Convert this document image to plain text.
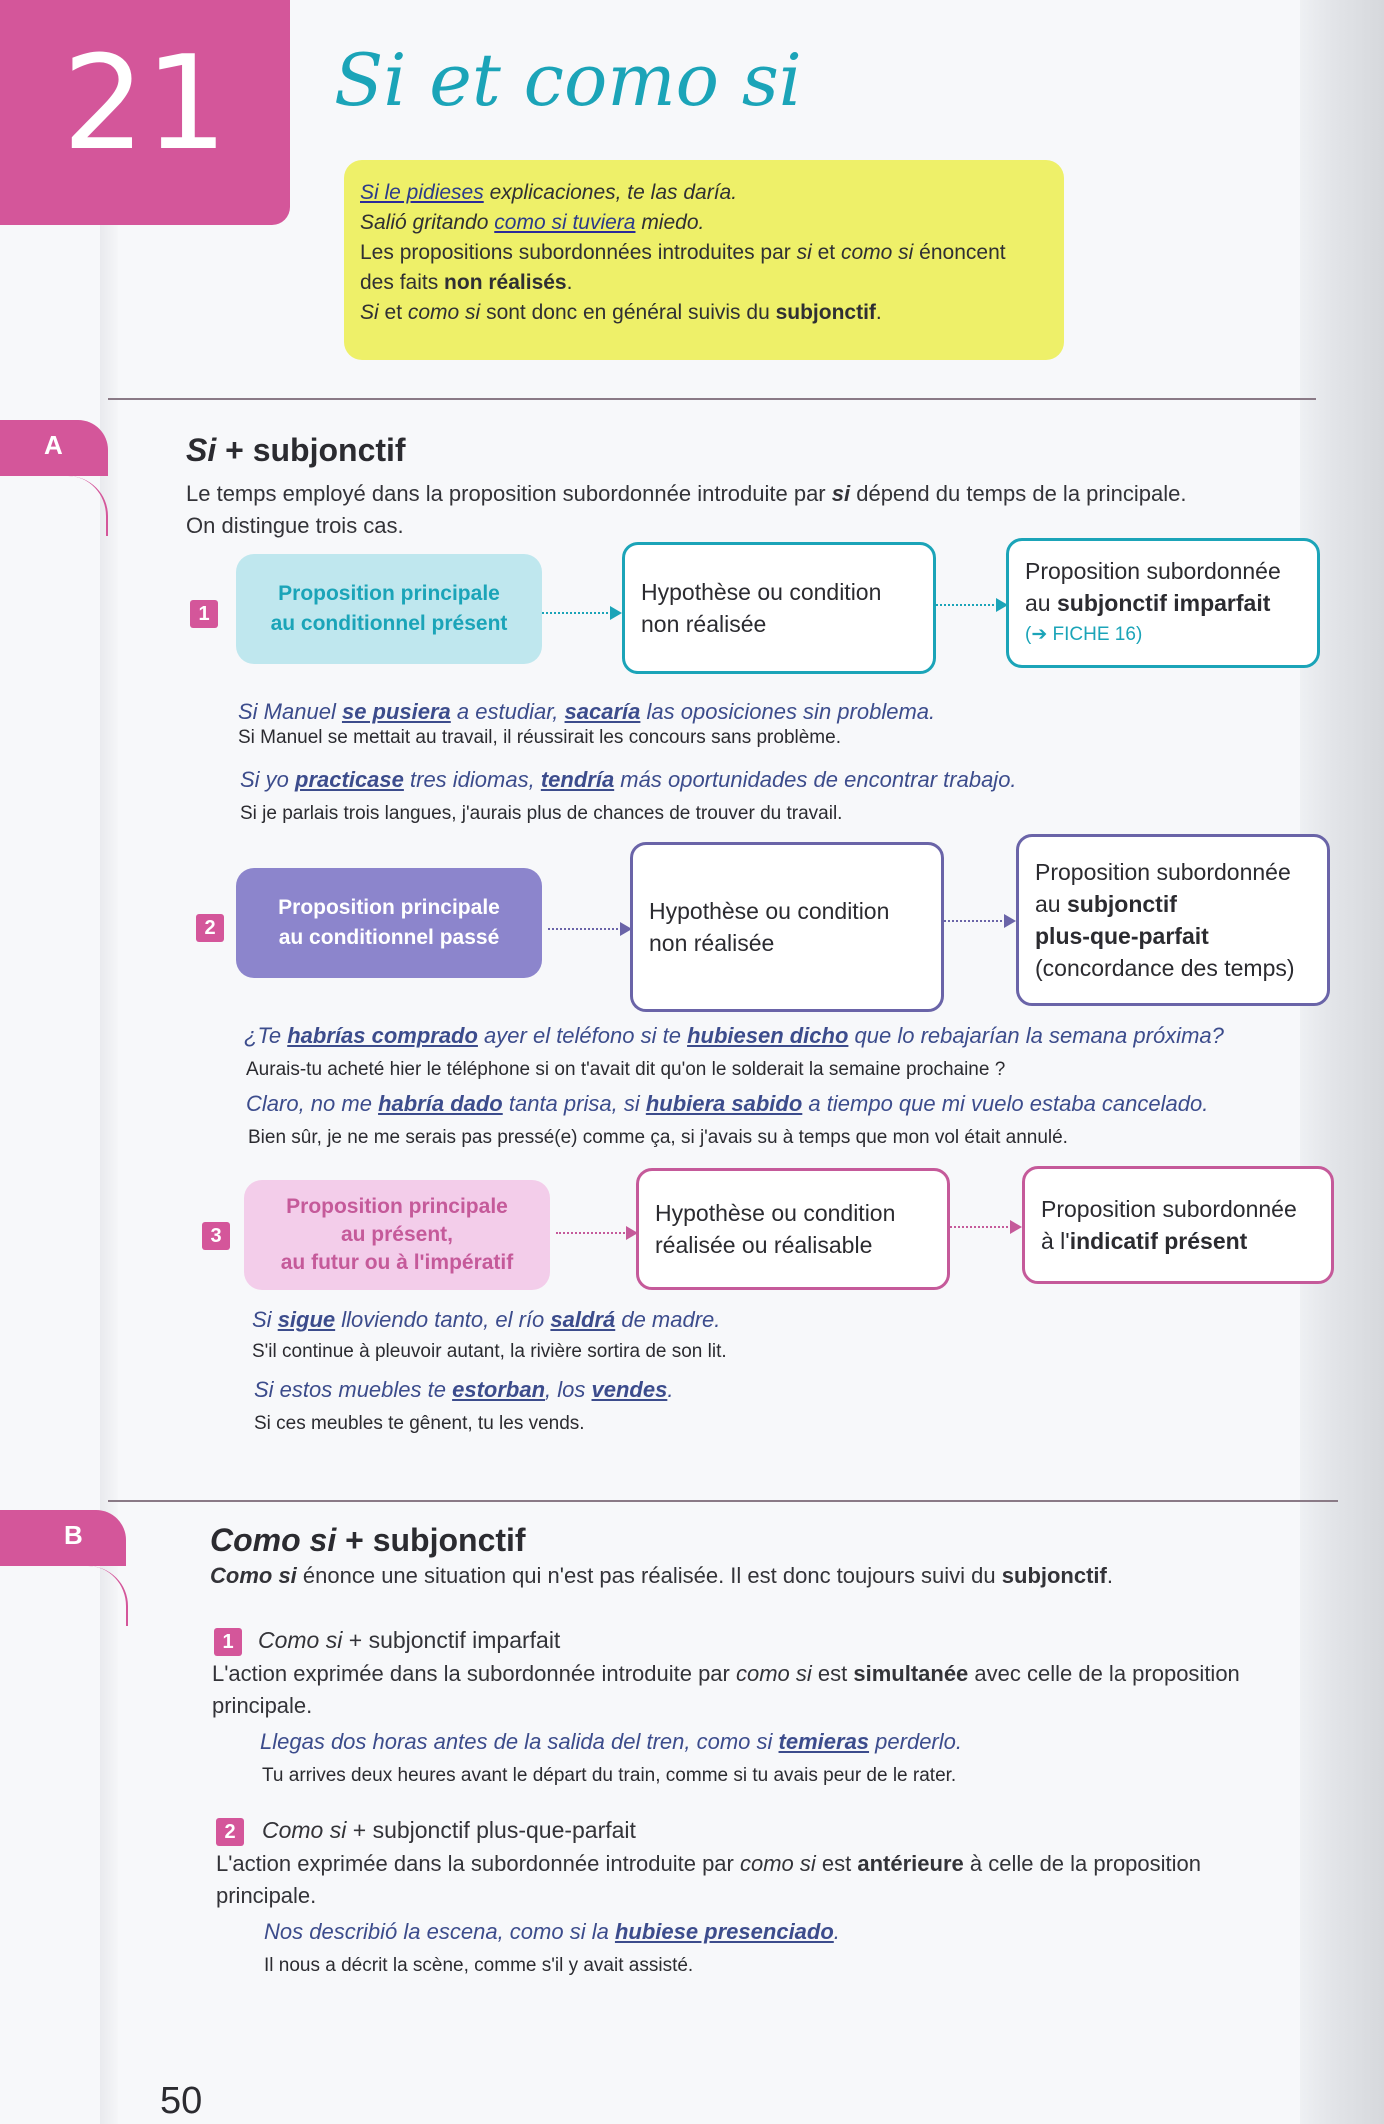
21	Si et como si
Si le pidieses explicaciones, te las daría.
Salió gritando como si tuviera miedo.
Les propositions subordonnées introduites par si et como si énoncent
des faits non réalisés.
Si et como si sont donc en général suivis du subjonctif.
A	Si + subjonctif
Le temps employé dans la proposition subordonnée introduite par si dépend du temps de la principale.
On distingue trois cas.
1
Proposition principale
au conditionnel présent
Hypothèse ou condition
non réalisée
Proposition subordonnée
au subjonctif imparfait
(➔ FICHE 16)
Si Manuel se pusiera a estudiar, sacaría las oposiciones sin problema.
Si Manuel se mettait au travail, il réussirait les concours sans problème.
Si yo practicase tres idiomas, tendría más oportunidades de encontrar trabajo.
Si je parlais trois langues, j'aurais plus de chances de trouver du travail.
2
Proposition principale
au conditionnel passé
Hypothèse ou condition
non réalisée
Proposition subordonnée
au subjonctif
plus-que-parfait
(concordance des temps)
¿Te habrías comprado ayer el teléfono si te hubiesen dicho que lo rebajarían la semana próxima?
Aurais-tu acheté hier le téléphone si on t'avait dit qu'on le solderait la semaine prochaine ?
Claro, no me habría dado tanta prisa, si hubiera sabido a tiempo que mi vuelo estaba cancelado.
Bien sûr, je ne me serais pas pressé(e) comme ça, si j'avais su à temps que mon vol était annulé.
3
Proposition principale
au présent,
au futur ou à l'impératif
Hypothèse ou condition
réalisée ou réalisable
Proposition subordonnée
à l'indicatif présent
Si sigue lloviendo tanto, el río saldrá de madre.
S'il continue à pleuvoir autant, la rivière sortira de son lit.
Si estos muebles te estorban, los vendes.
Si ces meubles te gênent, tu les vends.
B	Como si + subjonctif
Como si énonce une situation qui n'est pas réalisée. Il est donc toujours suivi du subjonctif.
1	Como si + subjonctif imparfait
L'action exprimée dans la subordonnée introduite par como si est simultanée avec celle de la proposition
principale.
Llegas dos horas antes de la salida del tren, como si temieras perderlo.
Tu arrives deux heures avant le départ du train, comme si tu avais peur de le rater.
2	Como si + subjonctif plus-que-parfait
L'action exprimée dans la subordonnée introduite par como si est antérieure à celle de la proposition
principale.
Nos describió la escena, como si la hubiese presenciado.
Il nous a décrit la scène, comme s'il y avait assisté.
50
